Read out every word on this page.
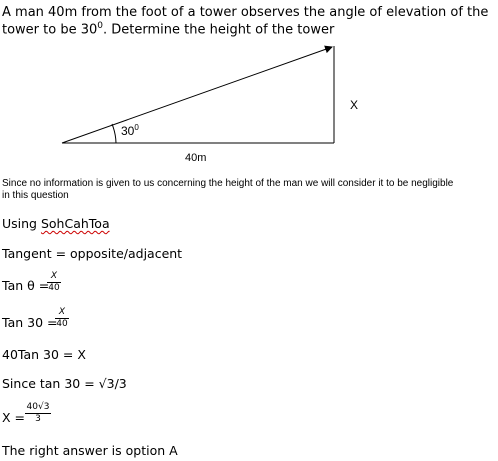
A man 40m from the foot of a tower observes the angle of elevation of the
tower to be $30^0$. Determine the height of the tower
$30^0$
40m
X
Since no information is given to us concerning the height of the man we will consider it to be negligible
in this question
Using SohCahToa
Tangent = opposite/adjacent
Tan θ =
X
40
Tan 30 =
X
40
40Tan 30 = X
Since tan 30 = √3/3
X =
40√3
3
The right answer is option A
